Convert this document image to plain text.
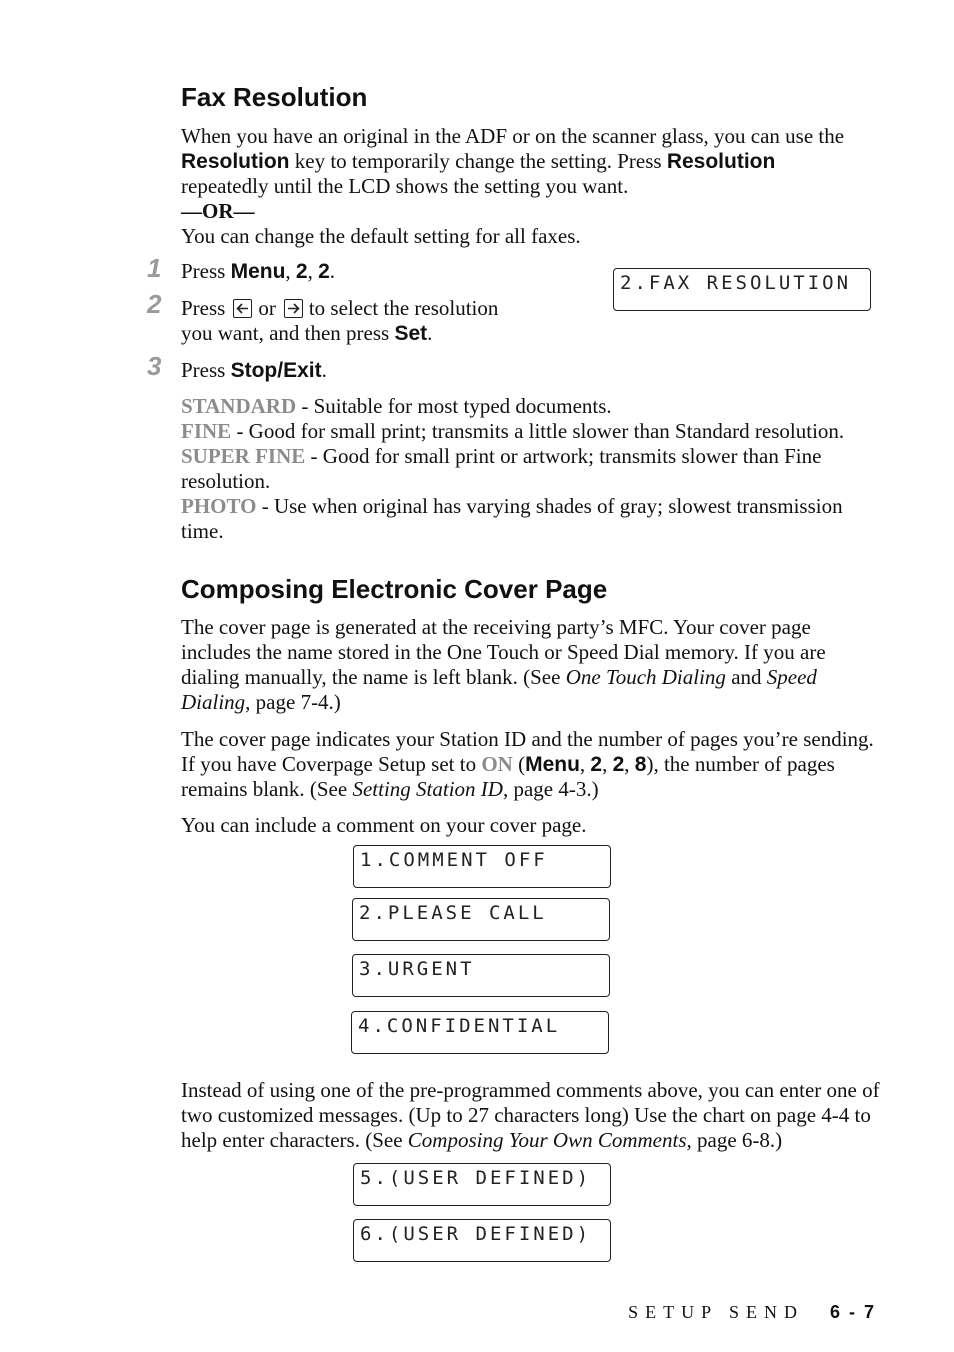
Fax Resolution

When you have an original in the ADF or on the scanner glass, you can use the
Resolution key to temporarily change the setting. Press Resolution
repeatedly until the LCD shows the setting you want.
—OR—
You can change the default setting for all faxes.

1 Press Menu, 2, 2.	2.FAX RESOLUTION
2 Press or to select the resolution
you want, and then press Set.

3 Press Stop/Exit.

STANDARD - Suitable for most typed documents.
FINE - Good for small print; transmits a little slower than Standard resolution.
SUPER FINE - Good for small print or artwork; transmits slower than Fine resolution.
PHOTO - Use when original has varying shades of gray; slowest transmission time.

Composing Electronic Cover Page

The cover page is generated at the receiving party’s MFC. Your cover page includes the name stored in the One Touch or Speed Dial memory. If you are dialing manually, the name is left blank. (See One Touch Dialing and Speed Dialing, page 7-4.)

The cover page indicates your Station ID and the number of pages you’re sending. If you have Coverpage Setup set to ON (Menu, 2, 2, 8), the number of pages remains blank. (See Setting Station ID, page 4-3.)

You can include a comment on your cover page.

1.COMMENT OFF
2.PLEASE CALL
3.URGENT
4.CONFIDENTIAL

Instead of using one of the pre-programmed comments above, you can enter one of two customized messages. (Up to 27 characters long) Use the chart on page 4-4 to help enter characters. (See Composing Your Own Comments, page 6-8.)

5.(USER DEFINED)
6.(USER DEFINED)
SETUP SEND 6 - 7
